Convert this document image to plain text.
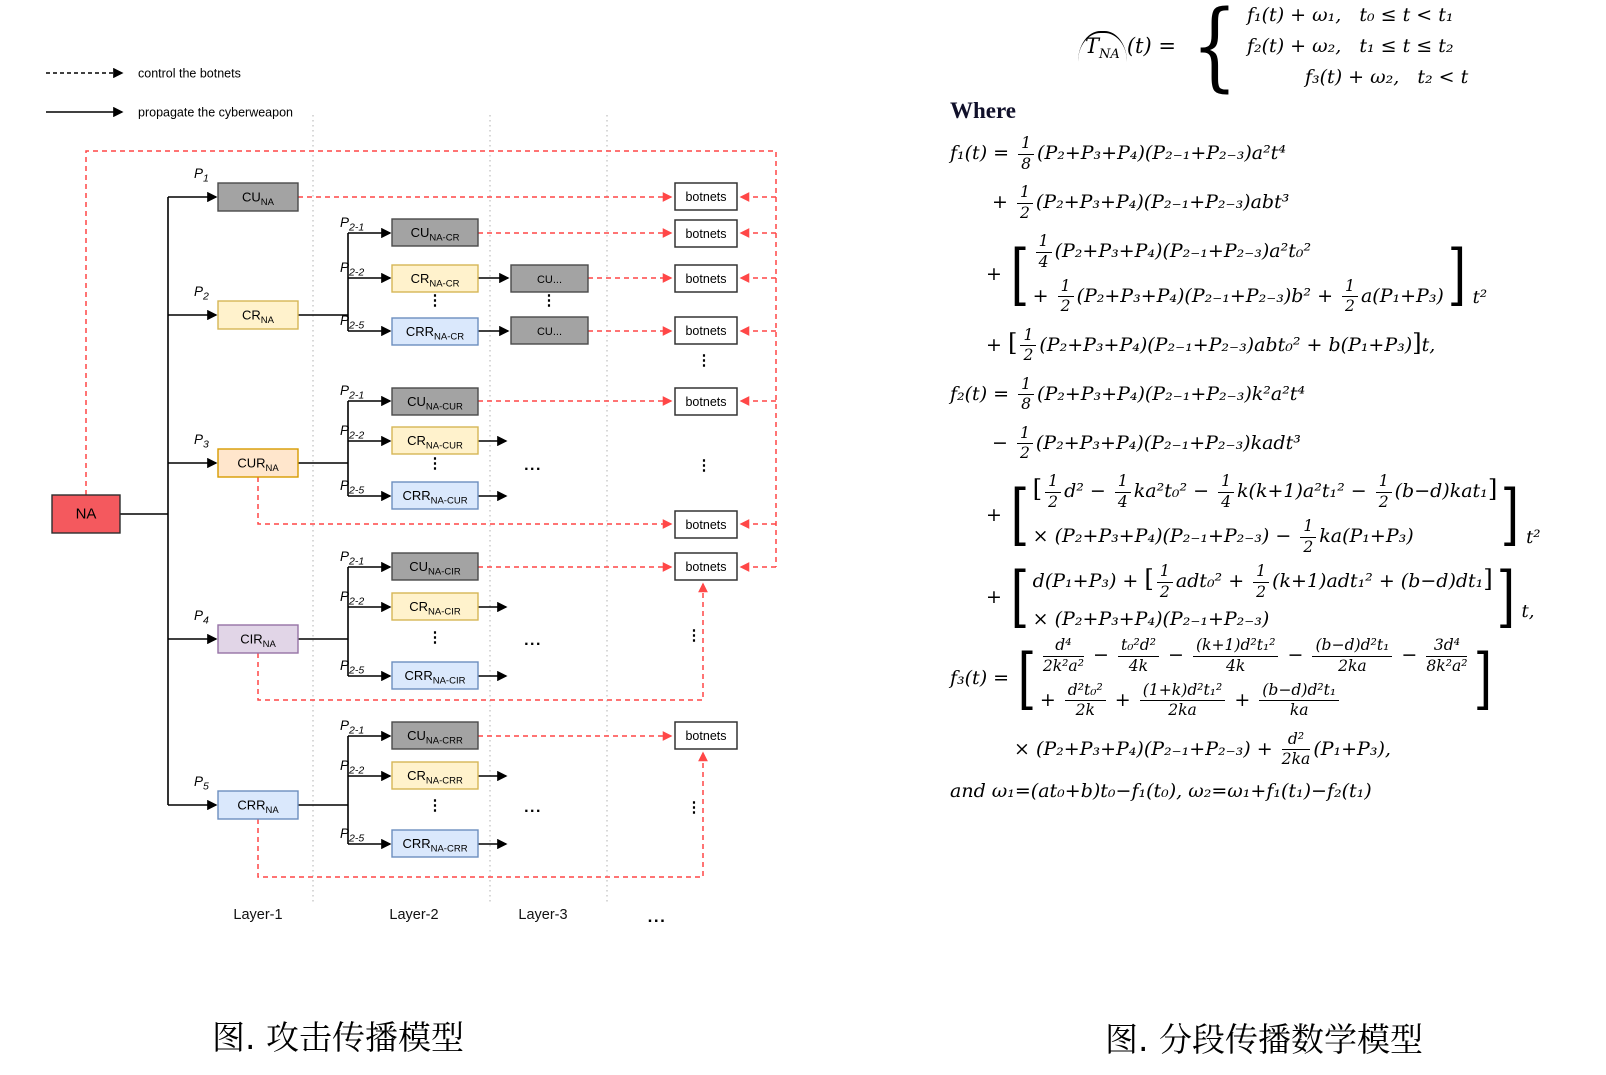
control the botnets
propagate the cyberweapon
NA
$CU_{NA}$
$CR_{NA}$
$CUR_{NA}$
$CIR_{NA}$
$CRR_{NA}$
$CU_{NA-CR}$
$CR_{NA-CR}$
$CRR_{NA-CR}$
$CU_{NA-CUR}$
$CR_{NA-CUR}$
$CRR_{NA-CUR}$
$CU_{NA-CIR}$
$CR_{NA-CIR}$
$CRR_{NA-CIR}$
$CU_{NA-CRR}$
$CR_{NA-CRR}$
$CRR_{NA-CRR}$
CU...
CU...
botnets
botnets
botnets
botnets
botnets
botnets
botnets
botnets
$P_1$
$P_2$
$P_3$
$P_4$
$P_5$
$P_{2-1}$
$P_{2-2}$
$P_{2-5}$
$P_{2-1}$
$P_{2-2}$
$P_{2-5}$
$P_{2-1}$
$P_{2-2}$
$P_{2-5}$
$P_{2-1}$
$P_{2-2}$
$P_{2-5}$
⋮
⋮
⋮
⋮
⋮
⋮
⋮
⋮
⋮
...
...
...
Layer-1	Layer-2	Layer-3	...
$T_{NA}$ (t) = { f₁(t) + ω₁,   t₀ ≤ t < t₁
f₂(t) + ω₂,   t₁ ≤ t ≤ t₂
f₃(t) + ω₂,   t₂ < t
Where
$f_1(t) = \frac{1}{8} (P_2+P_3+P_4)(P_{2-1}+P_{2-3})a^2t^4$
+ $\frac{1}{2} (P_2+P_3+P_4)(P_{2-1}+P_{2-3})abt^3$
+ [ $\frac{1}{4} (P_2+P_3+P_4)(P_{2-1}+P_{2-3})a^2t_0^2$
+ $\frac{1}{2} (P_2+P_3+P_4)(P_{2-1}+P_{2-3})b^2 + \frac{1}{2} a(P_1+P_3)$ ] t²
+ [ $\frac{1}{2} (P_2+P_3+P_4)(P_{2-1}+P_{2-3})abt_0^2 + b(P_1+P_3)]t$,
$f_2(t) = \frac{1}{8} (P_2+P_3+P_4)(P_{2-1}+P_{2-3})k^2a^2t^4$
− $\frac{1}{2}$ (P₂+P₃+P₄)(P₂₋₁+P₂₋₃)kadt³
+ [ [ $\frac{1}{2} d^2 - \frac{1}{4} ka^2t_0^2 - \frac{1}{4} k(k+1)a^2t_1^2 - \frac{1}{2} (b-d)kat_1$]
× $(P_2+P_3+P_4)(P_{2-1}+P_{2-3}) - \frac{1}{2} ka(P_1+P_3)$	] t²
+ [ d(P₁+P₃) + [ $\frac{1}{2} adt_0^2 + \frac{1}{2} (k+1)adt_1^2 + (b-d)dt_1$]
× (P₂+P₃+P₄)(P₂₋₁+P₂₋₃)	] t,
f₃(t) = [ $\frac{\text{d⁴}}{\text{2k²a²}} - \frac{\text{t₀²d²}}{4k} - \frac{\text{(k+1)d²t₁²}}{4k} - \frac{\text{(b−d)d²t₁}}{2ka} - \frac{\text{3d⁴}}{\text{8k²a²}}$
+ $\frac{\text{d²t₀²}}{2k} + \frac{\text{(1+k)d²t₁²}}{2ka} + \frac{\text{(b−d)d²t₁}}{ka}$ ]
× $(P_2+P_3+P_4)(P_{2-1}+P_{2-3}) + \frac{\text{d²}}{2ka} (P_1+P_3)$,
and ω₁=(at₀+b)t₀−f₁(t₀), ω₂=ω₁+f₁(t₁)−f₂(t₁)
图. 攻击传播模型	图. 分段传播数学模型
